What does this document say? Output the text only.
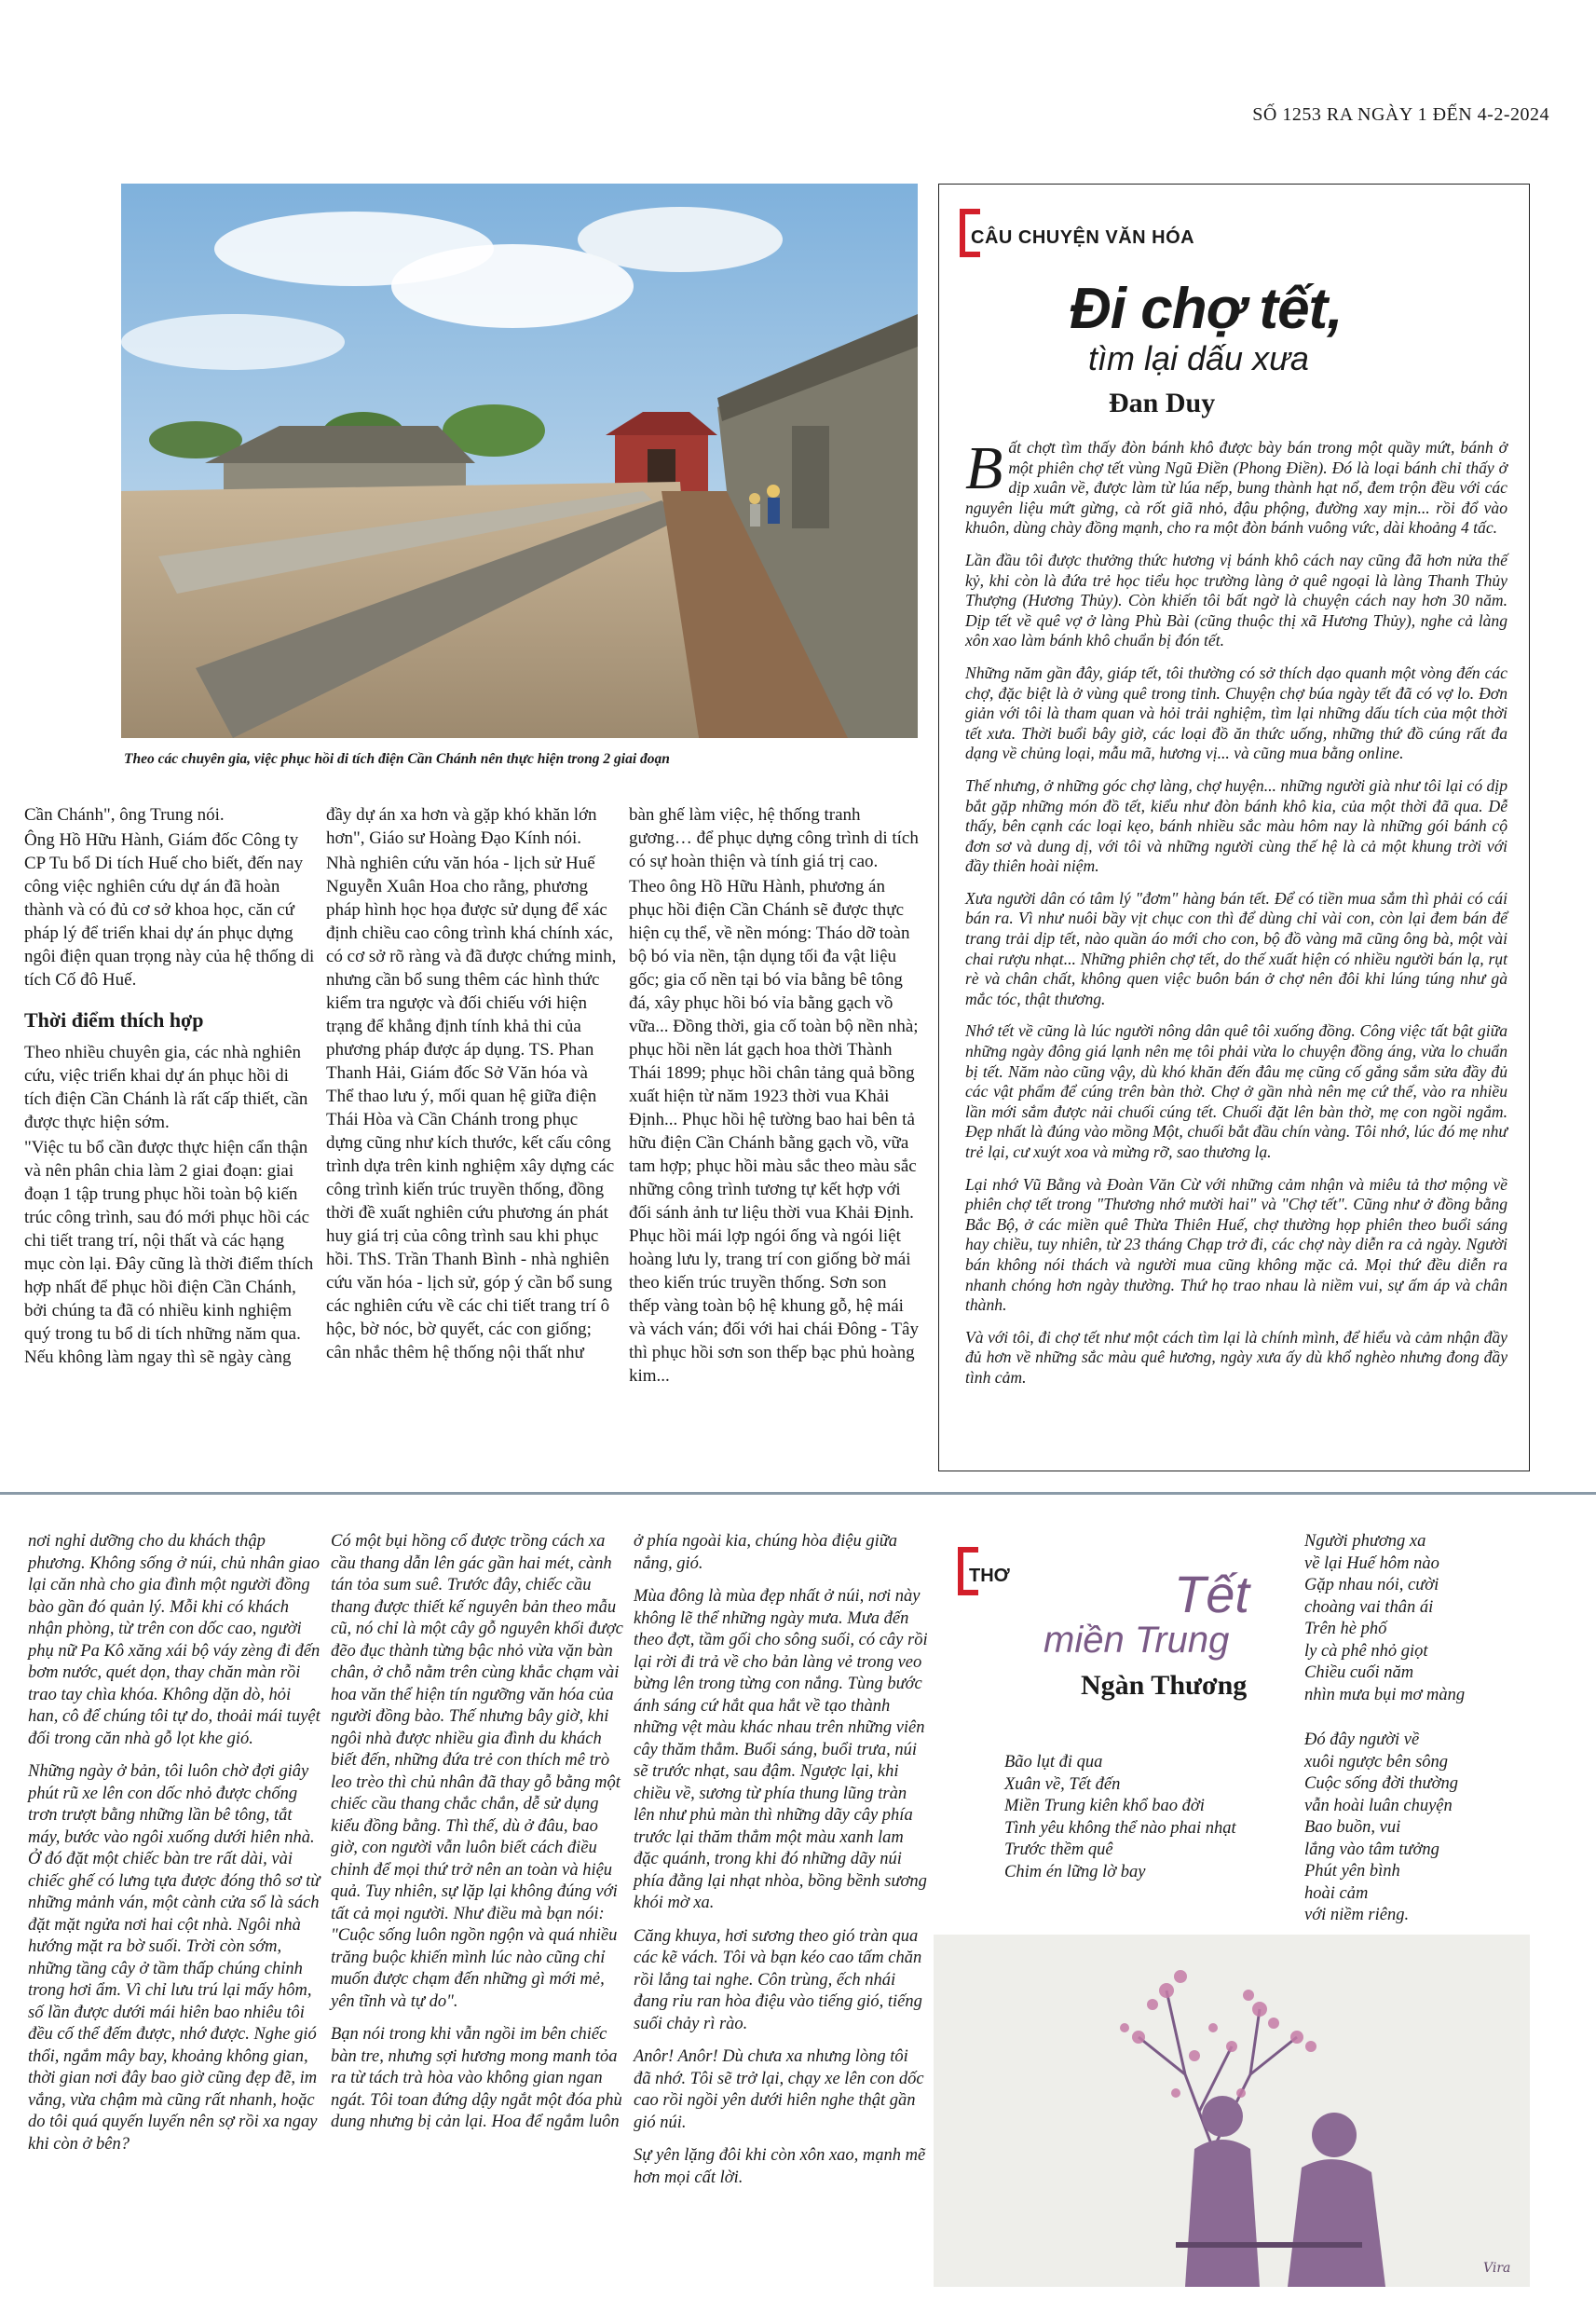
SỐ 1253 RA NGÀY 1 ĐẾN 4-2-2024
Theo các chuyên gia, việc phục hồi di tích điện Cần Chánh nên thực hiện trong 2 giai đoạn

Cần Chánh", ông Trung nói.

Ông Hồ Hữu Hành, Giám đốc Công ty CP Tu bổ Di tích Huế cho biết, đến nay công việc nghiên cứu dự án đã hoàn thành và có đủ cơ sở khoa học, căn cứ pháp lý để triển khai dự án phục dựng ngôi điện quan trọng này của hệ thống di tích Cố đô Huế.

Thời điểm thích hợp

Theo nhiều chuyên gia, các nhà nghiên cứu, việc triển khai dự án phục hồi di tích điện Cần Chánh là rất cấp thiết, cần được thực hiện sớm.

"Việc tu bổ cần được thực hiện cẩn thận và nên phân chia làm 2 giai đoạn: giai đoạn 1 tập trung phục hồi toàn bộ kiến trúc công trình, sau đó mới phục hồi các chi tiết trang trí, nội thất và các hạng mục còn lại. Đây cũng là thời điểm thích hợp nhất để phục hồi điện Cần Chánh, bởi chúng ta đã có nhiều kinh nghiệm quý trong tu bổ di tích những năm qua. Nếu không làm ngay thì sẽ ngày càng

đầy dự án xa hơn và gặp khó khăn lớn hơn", Giáo sư Hoàng Đạo Kính nói.

Nhà nghiên cứu văn hóa - lịch sử Huế Nguyễn Xuân Hoa cho rằng, phương pháp hình học họa được sử dụng để xác định chiều cao công trình khá chính xác, có cơ sở rõ ràng và đã được chứng minh, nhưng cần bổ sung thêm các hình thức kiểm tra ngược và đối chiếu với hiện trạng để khẳng định tính khả thi của phương pháp được áp dụng. TS. Phan Thanh Hải, Giám đốc Sở Văn hóa và Thể thao lưu ý, mối quan hệ giữa điện Thái Hòa và Cần Chánh trong phục dựng cũng như kích thước, kết cấu công trình dựa trên kinh nghiệm xây dựng các công trình kiến trúc truyền thống, đồng thời đề xuất nghiên cứu phương án phát huy giá trị của công trình sau khi phục hồi. ThS. Trần Thanh Bình - nhà nghiên cứu văn hóa - lịch sử, góp ý cần bổ sung các nghiên cứu về các chi tiết trang trí ô hộc, bờ nóc, bờ quyết, các con giống; cân nhắc thêm hệ thống nội thất như

bàn ghế làm việc, hệ thống tranh gương… để phục dựng công trình di tích có sự hoàn thiện và tính giá trị cao.

Theo ông Hồ Hữu Hành, phương án phục hồi điện Cần Chánh sẽ được thực hiện cụ thể, về nền móng: Tháo dỡ toàn bộ bó vỉa nền, tận dụng tối đa vật liệu gốc; gia cố nền tại bó vỉa bằng bê tông đá, xây phục hồi bó vỉa bằng gạch vồ vữa... Đồng thời, gia cố toàn bộ nền nhà; phục hồi nền lát gạch hoa thời Thành Thái 1899; phục hồi chân tảng quả bồng xuất hiện từ năm 1923 thời vua Khải Định... Phục hồi hệ tường bao hai bên tả hữu điện Cần Chánh bằng gạch vồ, vữa tam hợp; phục hồi màu sắc theo màu sắc những công trình tương tự kết hợp với đối sánh ảnh tư liệu thời vua Khải Định. Phục hồi mái lợp ngói ống và ngói liệt hoàng lưu ly, trang trí con giống bờ mái theo kiến trúc truyền thống. Sơn son thếp vàng toàn bộ hệ khung gỗ, hệ mái và vách ván; đối với hai chái Đông - Tây thì phục hồi sơn son thếp bạc phủ hoàng kim...

CÂU CHUYỆN VĂN HÓA
Đi chợ tết,
tìm lại dấu xưa
Đan Duy

Bất chợt tìm thấy đòn bánh khô được bày bán trong một quầy mứt, bánh ở một phiên chợ tết vùng Ngũ Điền (Phong Điền). Đó là loại bánh chỉ thấy ở dịp xuân về, được làm từ lúa nếp, bung thành hạt nổ, đem trộn đều với các nguyên liệu mứt gừng, cà rốt giã nhỏ, đậu phộng, đường xay mịn... rồi đổ vào khuôn, dùng chày đồng mạnh, cho ra một đòn bánh vuông vức, dài khoảng 4 tấc.

Lần đầu tôi được thưởng thức hương vị bánh khô cách nay cũng đã hơn nửa thế kỷ, khi còn là đứa trẻ học tiểu học trường làng ở quê ngoại là làng Thanh Thủy Thượng (Hương Thủy). Còn khiến tôi bất ngờ là chuyện cách nay hơn 30 năm. Dịp tết về quê vợ ở làng Phù Bài (cũng thuộc thị xã Hương Thủy), nghe cả làng xôn xao làm bánh khô chuẩn bị đón tết.

Những năm gần đây, giáp tết, tôi thường có sở thích dạo quanh một vòng đến các chợ, đặc biệt là ở vùng quê trong tỉnh. Chuyện chợ búa ngày tết đã có vợ lo. Đơn giản với tôi là tham quan và hỏi trải nghiệm, tìm lại những dấu tích của một thời tết xưa. Thời buổi bây giờ, các loại đồ ăn thức uống, những thứ đồ cúng rất đa dạng về chủng loại, mẫu mã, hương vị... và cũng mua bằng online.

Thế nhưng, ở những góc chợ làng, chợ huyện... những người già như tôi lại có dịp bắt gặp những món đồ tết, kiểu như đòn bánh khô kia, của một thời đã qua. Dễ thấy, bên cạnh các loại kẹo, bánh nhiều sắc màu hôm nay là những gói bánh cộ đơn sơ và dung dị, với tôi và những người cùng thế hệ là cả một khung trời với đầy thiên hoài niệm.

Xưa người dân có tâm lý "đơm" hàng bán tết. Để có tiền mua sắm thì phải có cái bán ra. Vì như nuôi bầy vịt chục con thì để dùng chỉ vài con, còn lại đem bán để trang trải dịp tết, nào quần áo mới cho con, bộ đồ vàng mã cũng ông bà, một vài chai rượu nhạt... Những phiên chợ tết, do thế xuất hiện có nhiều người bán lạ, rụt rè và chân chất, không quen việc buôn bán ở chợ nên đôi khi lúng túng như gà mắc tóc, thật thương.

Nhớ tết về cũng là lúc người nông dân quê tôi xuống đồng. Công việc tất bật giữa những ngày đông giá lạnh nên mẹ tôi phải vừa lo chuyện đồng áng, vừa lo chuẩn bị tết. Năm nào cũng vậy, dù khó khăn đến đâu mẹ cũng cố gắng sắm sửa đầy đủ các vật phẩm để cúng trên bàn thờ. Chợ ở gần nhà nên mẹ cứ thế, vào ra nhiều lần mới sắm được nải chuối cúng tết. Chuối đặt lên bàn thờ, mẹ con ngồi ngắm. Đẹp nhất là đúng vào mồng Một, chuối bắt đầu chín vàng. Tôi nhớ, lúc đó mẹ như trẻ lại, cư xuýt xoa và mừng rỡ, sao thương lạ.

Lại nhớ Vũ Bằng và Đoàn Văn Cừ với những cảm nhận và miêu tả thơ mộng về phiên chợ tết trong "Thương nhớ mười hai" và "Chợ tết". Cũng như ở đồng bằng Bắc Bộ, ở các miền quê Thừa Thiên Huế, chợ thường họp phiên theo buổi sáng hay chiều, tuy nhiên, từ 23 tháng Chạp trở đi, các chợ này diễn ra cả ngày. Người bán không nói thách và người mua cũng không mặc cả. Mọi thứ đều diễn ra nhanh chóng hơn ngày thường. Thứ họ trao nhau là niềm vui, sự ấm áp và chân thành.

Và với tôi, đi chợ tết như một cách tìm lại là chính mình, để hiểu và cảm nhận đầy đủ hơn về những sắc màu quê hương, ngày xưa ấy dù khổ nghèo nhưng đong đầy tình cảm.

nơi nghỉ dưỡng cho du khách thập phương. Không sống ở núi, chủ nhân giao lại căn nhà cho gia đình một người đồng bào gần đó quản lý. Mỗi khi có khách nhận phòng, từ trên con dốc cao, người phụ nữ Pa Kô xăng xái bộ váy zèng đi đến bơm nước, quét dọn, thay chăn màn rồi trao tay chìa khóa. Không dặn dò, hỏi han, cô để chúng tôi tự do, thoải mái tuyệt đối trong căn nhà gỗ lọt khe gió.

Những ngày ở bản, tôi luôn chờ đợi giây phút rũ xe lên con dốc nhỏ được chống trơn trượt bằng những lần bê tông, tắt máy, bước vào ngôi xuống dưới hiên nhà. Ở đó đặt một chiếc bàn tre rất dài, vài chiếc ghế có lưng tựa được đóng thô sơ từ những mảnh ván, một cành cửa sổ là sách đặt mặt ngửa nơi hai cột nhà. Ngôi nhà hướng mặt ra bờ suối. Trời còn sớm, những tầng cây ở tầm thấp chúng chỉnh trong hơi ẩm. Vì chỉ lưu trú lại mấy hôm, số lần được dưới mái hiên bao nhiêu tôi đều cố thể đếm được, nhớ được. Nghe gió thổi, ngắm mây bay, khoảng không gian, thời gian nơi đây bao giờ cũng đẹp đẽ, im vắng, vừa chậm mà cũng rất nhanh, hoặc do tôi quá quyến luyến nên sợ rồi xa ngay khi còn ở bên?

Có một bụi hồng cổ được trồng cách xa cầu thang dẫn lên gác gần hai mét, cành tán tỏa sum suê. Trước đây, chiếc cầu thang được thiết kế nguyên bản theo mẫu cũ, nó chỉ là một cây gỗ nguyên khối được đẽo đục thành từng bậc nhỏ vừa vặn bàn chân, ở chỗ nằm trên cùng khắc chạm vài hoa văn thể hiện tín ngưỡng văn hóa của người đồng bào. Thế nhưng bây giờ, khi ngôi nhà được nhiều gia đình du khách biết đến, những đứa trẻ con thích mê trò leo trèo thì chủ nhân đã thay gỗ bằng một chiếc cầu thang chắc chắn, dễ sử dụng kiểu đồng bằng. Thì thế, dù ở đâu, bao giờ, con người vẫn luôn biết cách điều chỉnh để mọi thứ trở nên an toàn và hiệu quả. Tuy nhiên, sự lặp lại không đúng với tất cả mọi người. Như điều mà bạn nói: "Cuộc sống luôn ngồn ngộn và quá nhiều trăng buộc khiến mình lúc nào cũng chỉ muốn được chạm đến những gì mới mẻ, yên tĩnh và tự do".

Bạn nói trong khi vẫn ngồi im bên chiếc bàn tre, nhưng sợi hương mong manh tỏa ra từ tách trà hòa vào không gian ngan ngát. Tôi toan đứng dậy ngắt một đóa phù dung nhưng bị cản lại. Hoa để ngắm luôn

ở phía ngoài kia, chúng hòa điệu giữa nắng, gió.

Mùa đông là mùa đẹp nhất ở núi, nơi này không lẽ thể những ngày mưa. Mưa đến theo đợt, tầm gối cho sông suối, có cây rồi lại rời đi trả về cho bản làng vẻ trong veo bừng lên trong từng con nắng. Tùng bước ánh sáng cứ hắt qua hắt về tạo thành những vệt màu khác nhau trên những viên cây thăm thẳm. Buổi sáng, buổi trưa, núi sẽ trước nhạt, sau đậm. Ngược lại, khi chiều về, sương từ phía thung lũng tràn lên như phủ màn thì những dãy cây phía trước lại thăm thẳm một màu xanh lam đặc quánh, trong khi đó những dãy núi phía đằng lại nhạt nhòa, bồng bềnh sương khói mờ xa.

Căng khuya, hơi sương theo gió tràn qua các kẽ vách. Tôi và bạn kéo cao tấm chăn rồi lắng tai nghe. Côn trùng, ếch nhái đang rỉu ran hòa điệu vào tiếng gió, tiếng suối chảy rì rào.

Anôr! Anôr! Dù chưa xa nhưng lòng tôi đã nhớ. Tôi sẽ trở lại, chạy xe lên con dốc cao rồi ngồi yên dưới hiên nghe thật gần gió núi.

Sự yên lặng đôi khi còn xôn xao, mạnh mẽ hơn mọi cất lời.

THƠ	Tết
miền Trung
Ngàn Thương
Bão lụt đi qua
Xuân về, Tết đến
Miền Trung kiên khổ bao đời
Tình yêu không thể nào phai nhạt
Trước thềm quê
Chim én lững lờ bay
Người phương xa
về lại Huế hôm nào
Gặp nhau nói, cười
choàng vai thân ái
Trên hè phố
ly cà phê nhỏ giọt
Chiều cuối năm
nhìn mưa bụi mơ màng
Đó đây người về
xuôi ngược bên sông
Cuộc sống đời thường
vẫn hoài luân chuyện
Bao buồn, vui
lắng vào tâm tưởng
Phút yên bình
hoài cảm
với niềm riêng.
Vira
